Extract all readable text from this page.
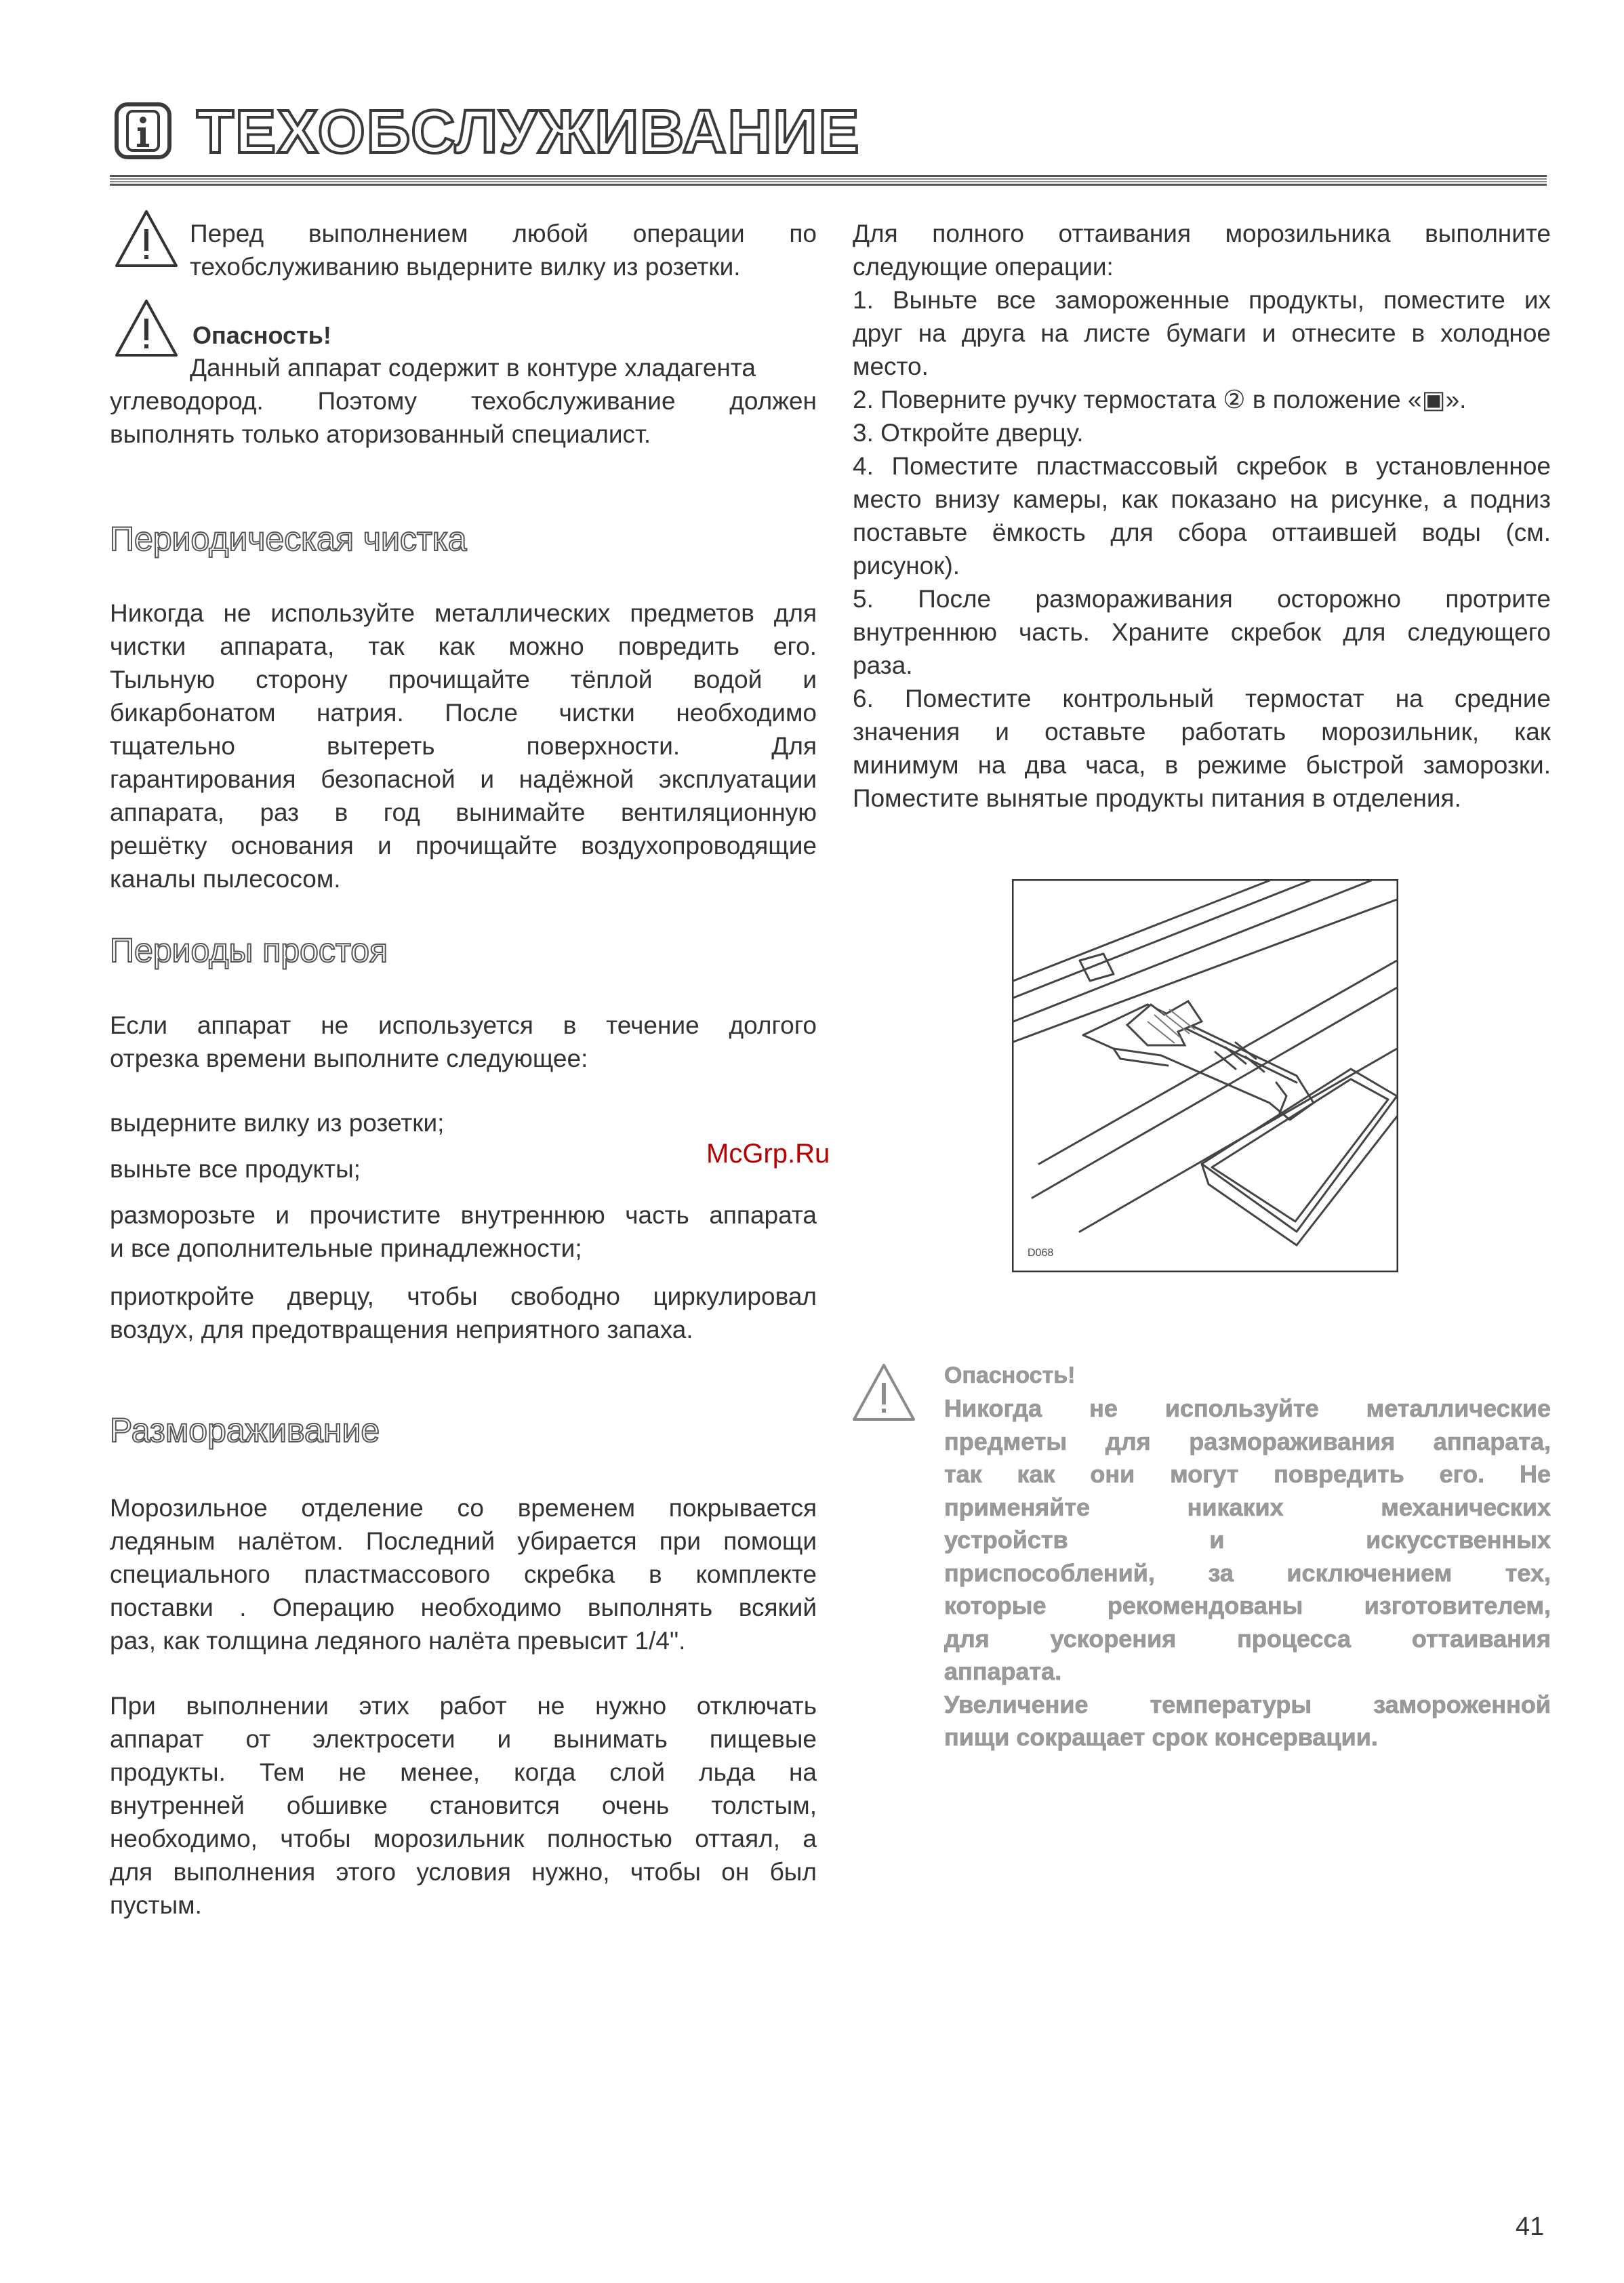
ТЕХОБСЛУЖИВАНИЕ
Перед выполнением любой операции по
техобслуживанию выдерните вилку из розетки.
Опасность!
Данный аппарат содержит в контуре хладагента
углеводород. Поэтому техобслуживание должен
выполнять только аторизованный специалист.
Периодическая чистка
Никогда не используйте металлических предметов для
чистки аппарата, так как можно повредить его.
Тыльную сторону прочищайте тёплой водой и
бикарбонатом натрия. После чистки необходимо
тщательно вытереть поверхности. Для
гарантирования безопасной и надёжной эксплуатации
аппарата, раз в год вынимайте вентиляционную
решётку основания и прочищайте воздухопроводящие
каналы пылесосом.
Периоды простоя
Если аппарат не используется в течение долгого
отрезка времени выполните следующее:
выдерните вилку из розетки;
выньте все продукты;
разморозьте и прочистите внутреннюю часть аппарата
и все дополнительные принадлежности;
приоткройте дверцу, чтобы свободно циркулировал
воздух, для предотвращения неприятного запаха.
Размораживание
Морозильное отделение со временем покрывается
ледяным налётом. Последний убирается при помощи
специального пластмассового скребка в комплекте
поставки . Операцию необходимо выполнять всякий
раз, как толщина ледяного налёта превысит 1/4".
При выполнении этих работ не нужно отключать
аппарат от электросети и вынимать пищевые
продукты. Тем не менее, когда слой льда на
внутренней обшивке становится очень толстым,
необходимо, чтобы морозильник полностью оттаял, а
для выполнения этого условия нужно, чтобы он был
пустым.
Для полного оттаивания морозильника выполните
следующие операции:
1. Выньте все замороженные продукты, поместите их
друг на друга на листе бумаги и отнесите в холодное
место.
2. Поверните ручку термостата ② в положение «▣».
3. Откройте дверцу.
4. Поместите пластмассовый скребок в установленное
место внизу камеры, как показано на рисунке, а подниз
поставьте ёмкость для сбора оттаившей воды (см.
рисунок).
5. После размораживания осторожно протрите
внутреннюю часть. Храните скребок для следующего
раза.
6. Поместите контрольный термостат на средние
значения и оставьте работать морозильник, как
минимум на два часа, в режиме быстрой заморозки.
Поместите вынятые продукты питания в отделения.
D068
McGrp.Ru
Опасность!
Никогда не используйте металлические
предметы для размораживания аппарата,
так как они могут повредить его. Не
применяйте никаких механических
устройств и искусственных
приспособлений, за исключением тех,
которые рекомендованы изготовителем,
для ускорения процесса оттаивания
аппарата.
Увеличение температуры замороженной
пищи сокращает срок консервации.
41
